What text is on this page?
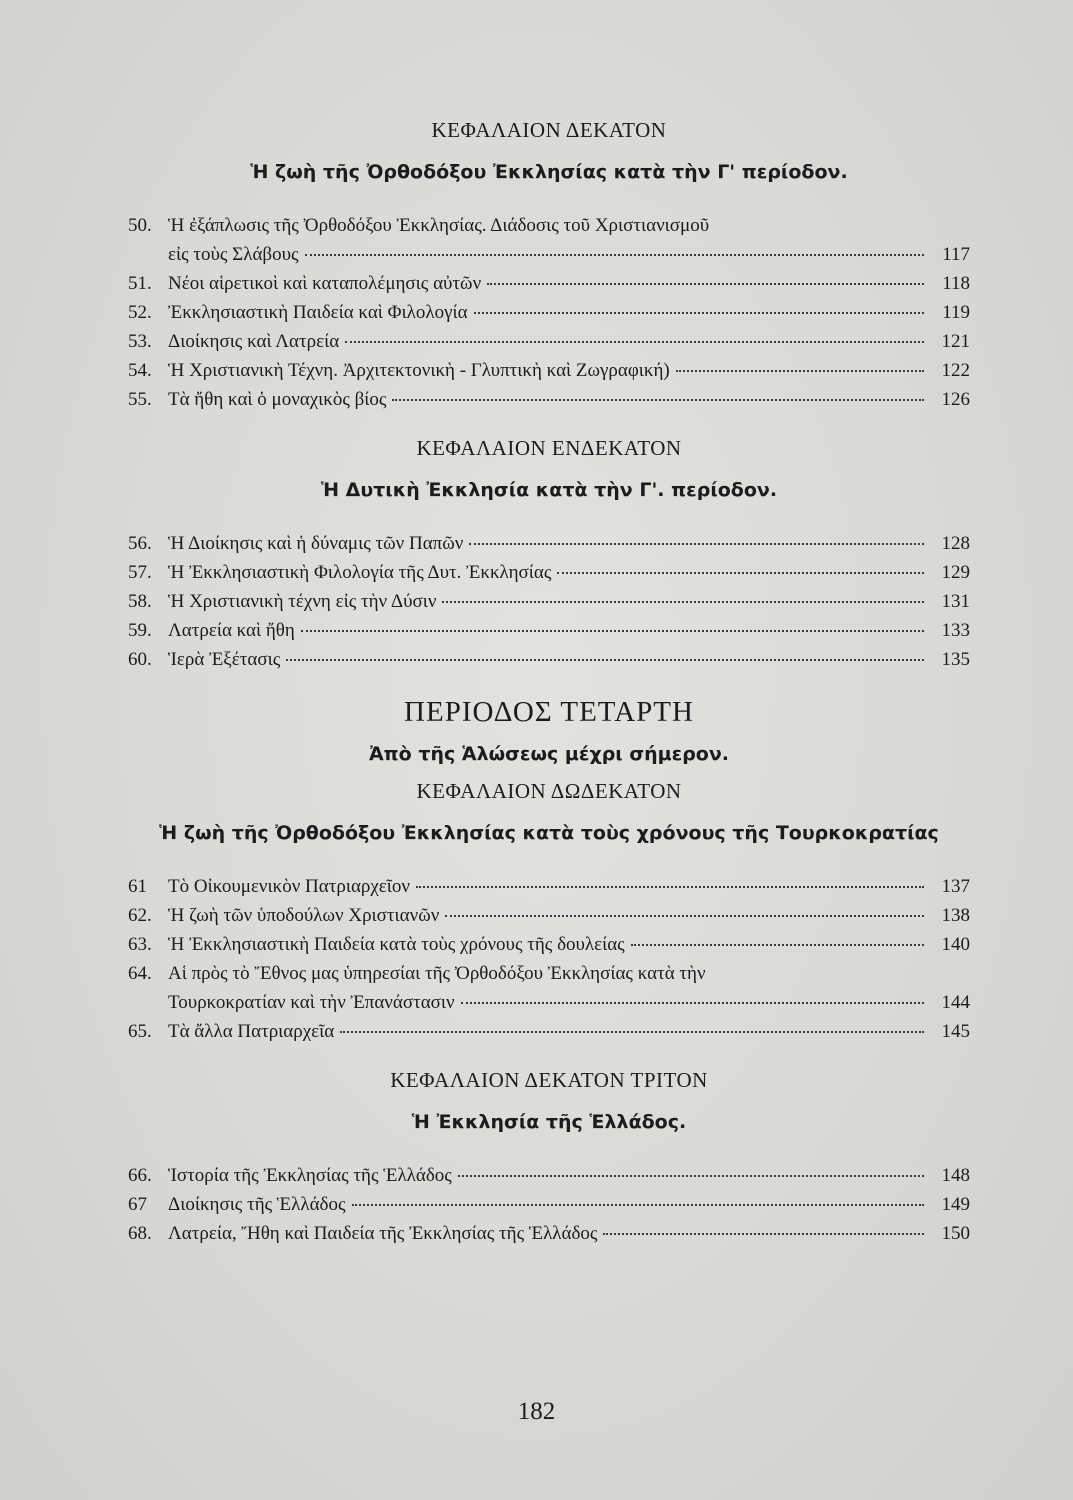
ΚΕΦΑΛΑΙΟΝ ΔΕΚΑΤΟΝ
Ἡ ζωὴ τῆς Ὀρθοδόξου Ἐκκλησίας κατὰ τὴν Γ' περίοδον.
50. Ἡ ἐξάπλωσις τῆς Ὀρθοδόξου Ἐκκλησίας. Διάδοσις τοῦ Χριστιανισμοῦ
εἰς τοὺς Σλάβους	117
51. Νέοι αἱρετικοὶ καὶ καταπολέμησις αὐτῶν	118
52. Ἐκκλησιαστικὴ Παιδεία καὶ Φιλολογία	119
53. Διοίκησις καὶ Λατρεία	121
54. Ἡ Χριστιανικὴ Τέχνη. Ἀρχιτεκτονικὴ - Γλυπτικὴ καὶ Ζωγραφική)	122
55. Τὰ ἤθη καὶ ὁ μοναχικὸς βίος	126
ΚΕΦΑΛΑΙΟΝ ΕΝΔΕΚΑΤΟΝ
Ἡ Δυτικὴ Ἐκκλησία κατὰ τὴν Γ'. περίοδον.
56. Ἡ Διοίκησις καὶ ἡ δύναμις τῶν Παπῶν	128
57. Ἡ Ἐκκλησιαστικὴ Φιλολογία τῆς Δυτ. Ἐκκλησίας	129
58. Ἡ Χριστιανικὴ τέχνη εἰς τὴν Δύσιν	131
59. Λατρεία καὶ ἤθη	133
60. Ἱερὰ Ἐξέτασις	135
ΠΕΡΙΟΔΟΣ ΤΕΤΑΡΤΗ
Ἀπὸ τῆς Ἁλώσεως μέχρι σήμερον.
ΚΕΦΑΛΑΙΟΝ ΔΩΔΕΚΑΤΟΝ
Ἡ ζωὴ τῆς Ὀρθοδόξου Ἐκκλησίας κατὰ τοὺς χρόνους τῆς Τουρκοκρατίας
61	Τὸ Οἰκουμενικὸν Πατριαρχεῖον	137
62. Ἡ ζωὴ τῶν ὑποδούλων Χριστιανῶν	138
63. Ἡ Ἐκκλησιαστικὴ Παιδεία κατὰ τοὺς χρόνους τῆς δουλείας	140
64. Αἱ πρὸς τὸ Ἔθνος μας ὑπηρεσίαι τῆς Ὀρθοδόξου Ἐκκλησίας κατὰ τὴν
Τουρκοκρατίαν καὶ τὴν Ἐπανάστασιν	144
65. Τὰ ἄλλα Πατριαρχεῖα	145
ΚΕΦΑΛΑΙΟΝ ΔΕΚΑΤΟΝ ΤΡΙΤΟΝ
Ἡ Ἐκκλησία τῆς Ἑλλάδος.
66. Ἱστορία τῆς Ἐκκλησίας τῆς Ἑλλάδος	148
67	Διοίκησις τῆς Ἑλλάδος	149
68. Λατρεία, Ἤθη καὶ Παιδεία τῆς Ἐκκλησίας τῆς Ἑλλάδος	150
182
